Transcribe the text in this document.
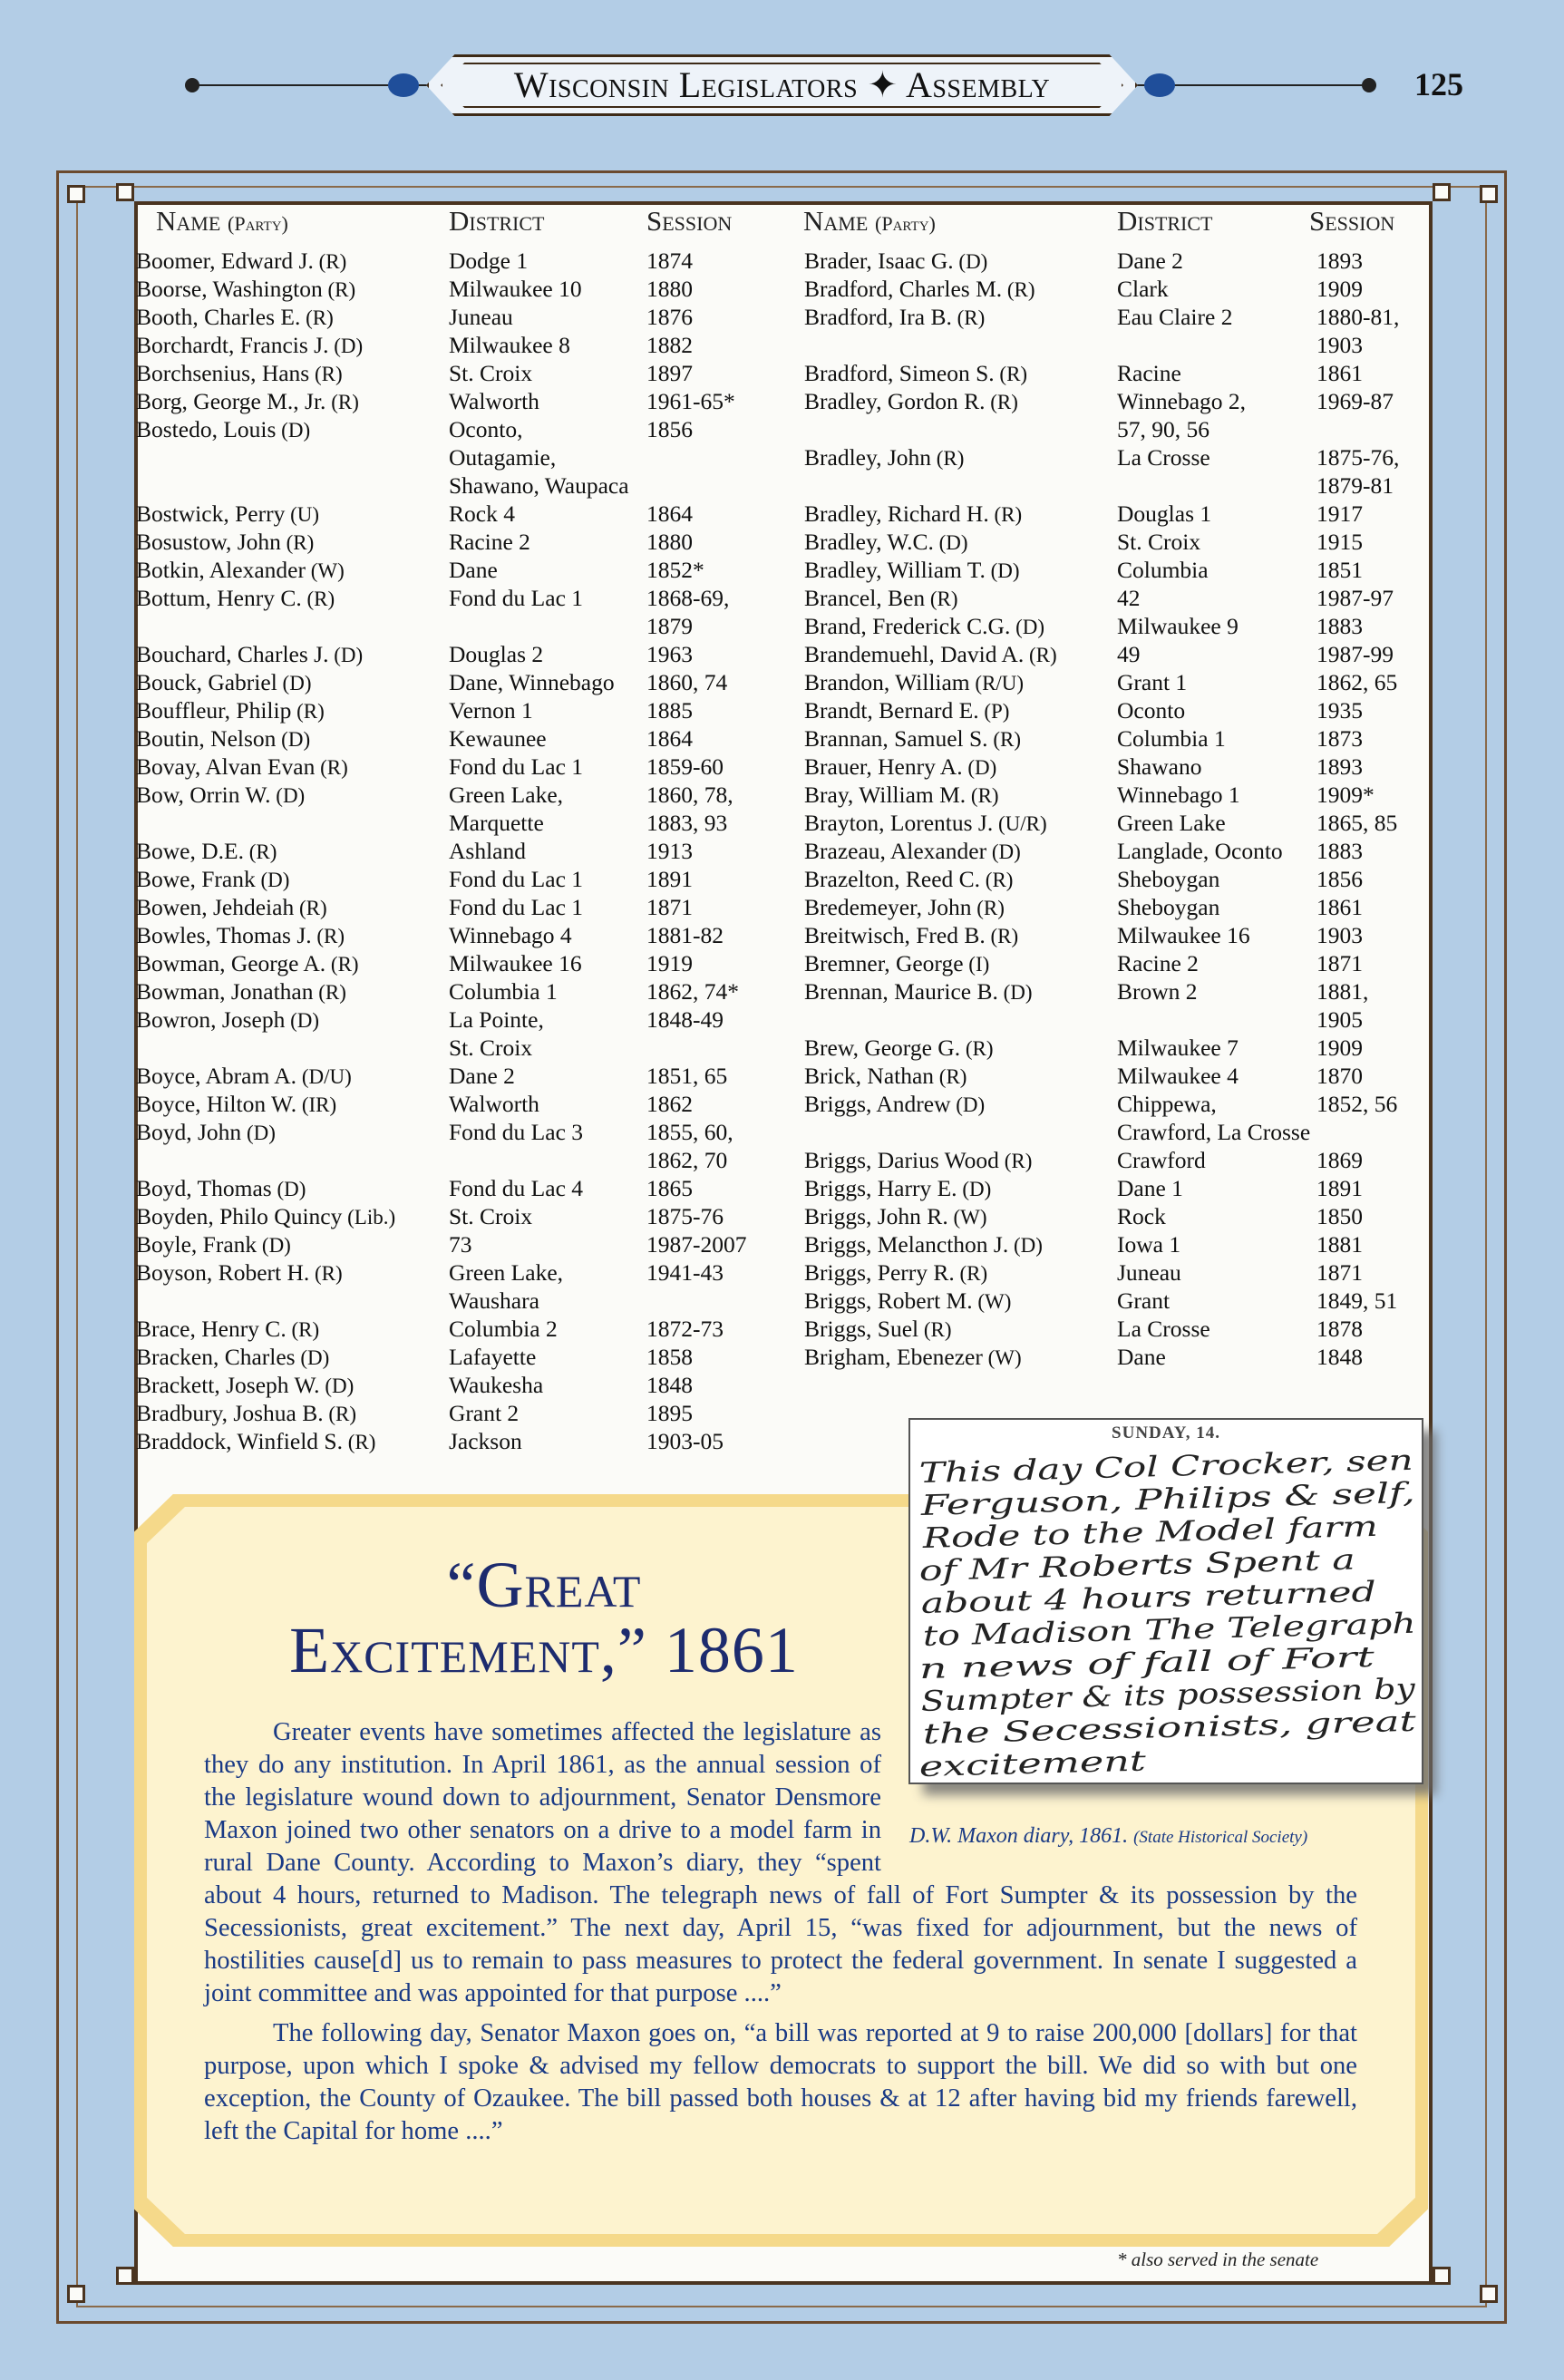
Wisconsin Legislators ✦ Assembly	125
Name (Party)	District	Session	Name (Party)	District	Session
Boomer, Edward J. (R)	Dodge 1	1874
Boorse, Washington (R)	Milwaukee 10	1880
Booth, Charles E. (R)	Juneau	1876
Borchardt, Francis J. (D)	Milwaukee 8	1882
Borchsenius, Hans (R)	St. Croix	1897
Borg, George M., Jr. (R)	Walworth	1961-65*
Bostedo, Louis (D)	Oconto,	1856
Outagamie,
Shawano, Waupaca
Bostwick, Perry (U)	Rock 4	1864
Bosustow, John (R)	Racine 2	1880
Botkin, Alexander (W)	Dane	1852*
Bottum, Henry C. (R)	Fond du Lac 1	1868-69,
1879
Bouchard, Charles J. (D)	Douglas 2	1963
Bouck, Gabriel (D)	Dane, Winnebago 1860, 74
Bouffleur, Philip (R)	Vernon 1	1885
Boutin, Nelson (D)	Kewaunee	1864
Bovay, Alvan Evan (R)	Fond du Lac 1	1859-60
Bow, Orrin W. (D)	Green Lake,	1860, 78,
Marquette	1883, 93
Bowe, D.E. (R)	Ashland	1913
Bowe, Frank (D)	Fond du Lac 1	1891
Bowen, Jehdeiah (R)	Fond du Lac 1	1871
Bowles, Thomas J. (R)	Winnebago 4	1881-82
Bowman, George A. (R)	Milwaukee 16	1919
Bowman, Jonathan (R)	Columbia 1	1862, 74*
Bowron, Joseph (D)	La Pointe,	1848-49
St. Croix
Boyce, Abram A. (D/U)	Dane 2	1851, 65
Boyce, Hilton W. (IR)	Walworth	1862
Boyd, John (D)	Fond du Lac 3	1855, 60,
1862, 70
Boyd, Thomas (D)	Fond du Lac 4	1865
Boyden, Philo Quincy (Lib.) St. Croix	1875-76
Boyle, Frank (D)	73	1987-2007
Boyson, Robert H. (R)	Green Lake,	1941-43
Waushara
Brace, Henry C. (R)	Columbia 2	1872-73
Bracken, Charles (D)	Lafayette	1858
Brackett, Joseph W. (D)	Waukesha	1848
Bradbury, Joshua B. (R)	Grant 2	1895
Braddock, Winfield S. (R)	Jackson	1903-05
Brader, Isaac G. (D)	Dane 2	1893
Bradford, Charles M. (R)	Clark	1909
Bradford, Ira B. (R)	Eau Claire 2	1880-81,
1903
Bradford, Simeon S. (R)	Racine	1861
Bradley, Gordon R. (R)	Winnebago 2,	1969-87
57, 90, 56
Bradley, John (R)	La Crosse	1875-76,
1879-81
Bradley, Richard H. (R)	Douglas 1	1917
Bradley, W.C. (D)	St. Croix	1915
Bradley, William T. (D)	Columbia	1851
Brancel, Ben (R)	42	1987-97
Brand, Frederick C.G. (D)	Milwaukee 9	1883
Brandemuehl, David A. (R)	49	1987-99
Brandon, William (R/U)	Grant 1	1862, 65
Brandt, Bernard E. (P)	Oconto	1935
Brannan, Samuel S. (R)	Columbia 1	1873
Brauer, Henry A. (D)	Shawano	1893
Bray, William M. (R)	Winnebago 1	1909*
Brayton, Lorentus J. (U/R)	Green Lake	1865, 85
Brazeau, Alexander (D)	Langlade, Oconto 1883
Brazelton, Reed C. (R)	Sheboygan	1856
Bredemeyer, John (R)	Sheboygan	1861
Breitwisch, Fred B. (R)	Milwaukee 16	1903
Bremner, George (I)	Racine 2	1871
Brennan, Maurice B. (D)	Brown 2	1881,
1905
Brew, George G. (R)	Milwaukee 7	1909
Brick, Nathan (R)	Milwaukee 4	1870
Briggs, Andrew (D)	Chippewa,	1852, 56
Crawford, La Crosse
Briggs, Darius Wood (R)	Crawford	1869
Briggs, Harry E. (D)	Dane 1	1891
Briggs, John R. (W)	Rock	1850
Briggs, Melancthon J. (D)	Iowa 1	1881
Briggs, Perry R. (R)	Juneau	1871
Briggs, Robert M. (W)	Grant	1849, 51
Briggs, Suel (R)	La Crosse	1878
Brigham, Ebenezer (W)	Dane	1848
“Great
Excitement,” 1861

Greater events have sometimes affected the legislature as they do any institution. In April 1861, as the annual session of the legislature wound down to adjournment, Senator Densmore Maxon joined two other senators on a drive to a model farm in rural Dane County. According to Maxon’s diary, they “spent about 4 hours, returned to Madison. The telegraph news of fall of Fort Sumpter & its possession by the Secessionists, great excitement.” The next day, April 15, “was fixed for adjournment, but the news of hostilities cause[d] us to remain to pass measures to protect the federal government. In senate I suggested a joint committee and was appointed for that purpose ....”

The following day, Senator Maxon goes on, “a bill was reported at 9 to raise 200,000 [dollars] for that purpose, upon which I spoke & advised my fellow democrats to support the bill. We did so with but one exception, the County of Ozaukee. The bill passed both houses & at 12 after having bid my friends farewell, left the Capital for home ....”

SUNDAY, 14.
This day Col Crocker, sen
Ferguson, Philips & self,
Rode to the Model farm
of Mr Roberts Spent a
about 4 hours returned
to Madison The Telegraph
n news of fall of Fort
Sumpter & its possession by
the Secessionists, great
excitement
D.W. Maxon diary, 1861. (State Historical Society)
* also served in the senate
